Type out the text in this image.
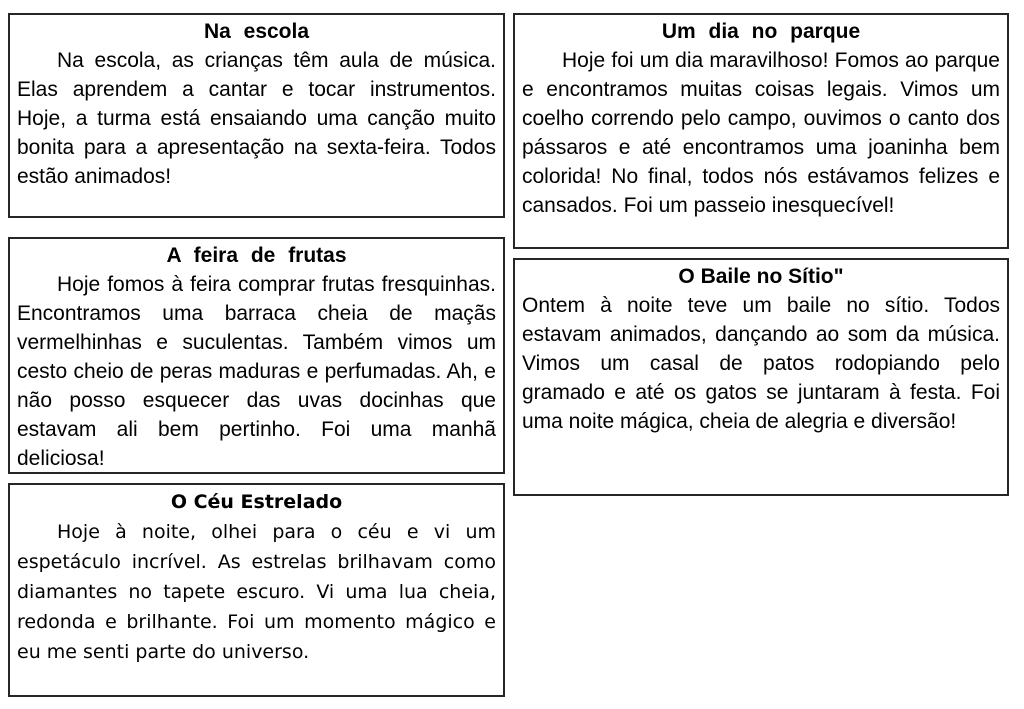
Na escola

Na escola, as crianças têm aula de música. Elas aprendem a cantar e tocar instrumentos. Hoje, a turma está ensaiando uma canção muito bonita para a apresentação na sexta-feira. Todos estão animados!

A feira de frutas

Hoje fomos à feira comprar frutas fresquinhas. Encontramos uma barraca cheia de maçãs vermelhinhas e suculentas. Também vimos um cesto cheio de peras maduras e perfumadas. Ah, e não posso esquecer das uvas docinhas que estavam ali bem pertinho. Foi uma manhã deliciosa!

O Céu Estrelado

Hoje à noite, olhei para o céu e vi um espetáculo incrível. As estrelas brilhavam como diamantes no tapete escuro. Vi uma lua cheia, redonda e brilhante. Foi um momento mágico e eu me senti parte do universo.

Um dia no parque

Hoje foi um dia maravilhoso! Fomos ao parque e encontramos muitas coisas legais. Vimos um coelho correndo pelo campo, ouvimos o canto dos pássaros e até encontramos uma joaninha bem colorida! No final, todos nós estávamos felizes e cansados. Foi um passeio inesquecível!

O Baile no Sítio"

Ontem à noite teve um baile no sítio. Todos estavam animados, dançando ao som da música. Vimos um casal de patos rodopiando pelo gramado e até os gatos se juntaram à festa. Foi uma noite mágica, cheia de alegria e diversão!
